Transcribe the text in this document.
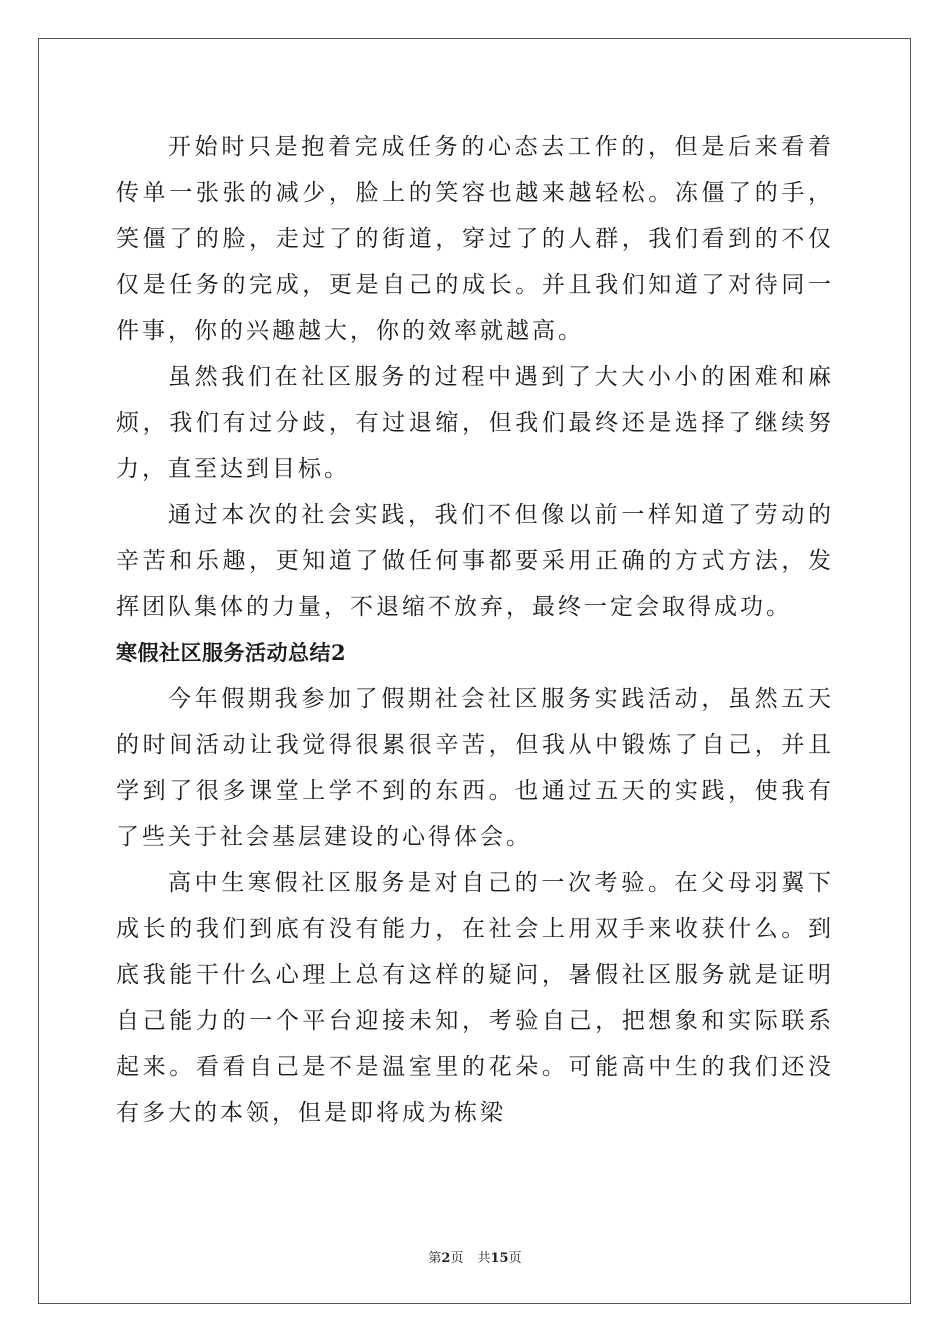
开始时只是抱着完成任务的心态去工作的，但是后来看着传单一张张的减少，脸上的笑容也越来越轻松。冻僵了的手，笑僵了的脸，走过了的街道，穿过了的人群，我们看到的不仅仅是任务的完成，更是自己的成长。并且我们知道了对待同一件事，你的兴趣越大，你的效率就越高。

虽然我们在社区服务的过程中遇到了大大小小的困难和麻烦，我们有过分歧，有过退缩，但我们最终还是选择了继续努力，直至达到目标。

通过本次的社会实践，我们不但像以前一样知道了劳动的辛苦和乐趣，更知道了做任何事都要采用正确的方式方法，发挥团队集体的力量，不退缩不放弃，最终一定会取得成功。

寒假社区服务活动总结2

今年假期我参加了假期社会社区服务实践活动，虽然五天的时间活动让我觉得很累很辛苦，但我从中锻炼了自己，并且学到了很多课堂上学不到的东西。也通过五天的实践，使我有了些关于社会基层建设的心得体会。

高中生寒假社区服务是对自己的一次考验。在父母羽翼下成长的我们到底有没有能力，在社会上用双手来收获什么。到底我能干什么心理上总有这样的疑问，暑假社区服务就是证明自己能力的一个平台迎接未知，考验自己，把想象和实际联系起来。看看自己是不是温室里的花朵。可能高中生的我们还没有多大的本领，但是即将成为栋梁

第2页 共15页
